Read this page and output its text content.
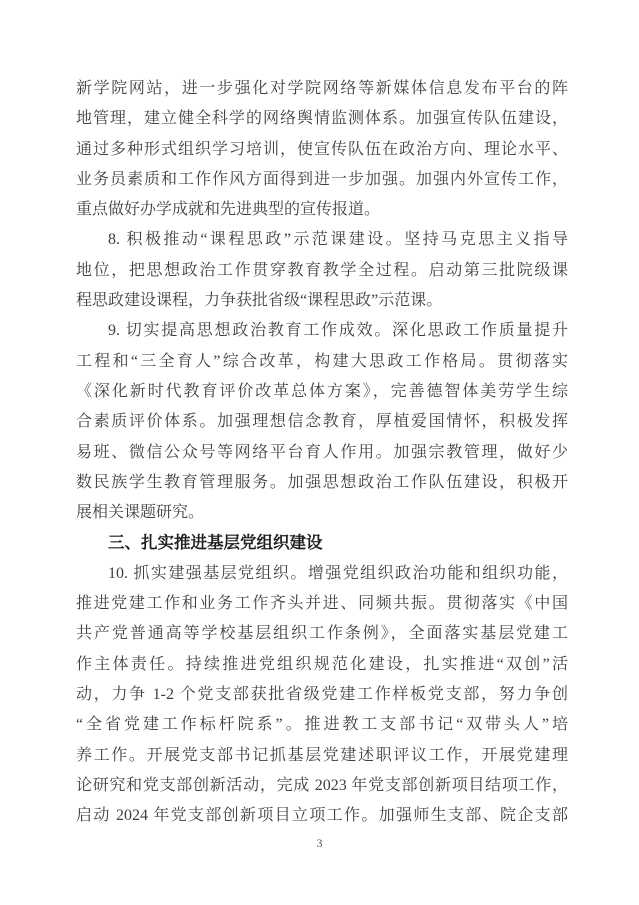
新学院网站，进一步强化对学院网络等新媒体信息发布平台的阵
地管理，建立健全科学的网络舆情监测体系。加强宣传队伍建设，
通过多种形式组织学习培训，使宣传队伍在政治方向、理论水平、
业务员素质和工作作风方面得到进一步加强。加强内外宣传工作，
重点做好办学成就和先进典型的宣传报道。
8. 积极推动“课程思政”示范课建设。坚持马克思主义指导
地位，把思想政治工作贯穿教育教学全过程。启动第三批院级课
程思政建设课程，力争获批省级“课程思政”示范课。
9. 切实提高思想政治教育工作成效。深化思政工作质量提升
工程和“三全育人”综合改革，构建大思政工作格局。贯彻落实
《深化新时代教育评价改革总体方案》，完善德智体美劳学生综
合素质评价体系。加强理想信念教育，厚植爱国情怀，积极发挥
易班、微信公众号等网络平台育人作用。加强宗教管理，做好少
数民族学生教育管理服务。加强思想政治工作队伍建设，积极开
展相关课题研究。
三、扎实推进基层党组织建设
10. 抓实建强基层党组织。增强党组织政治功能和组织功能，
推进党建工作和业务工作齐头并进、同频共振。贯彻落实《中国
共产党普通高等学校基层组织工作条例》，全面落实基层党建工
作主体责任。持续推进党组织规范化建设，扎实推进“双创”活
动，力争 1-2 个党支部获批省级党建工作样板党支部，努力争创
“全省党建工作标杆院系”。推进教工支部书记“双带头人”培
养工作。开展党支部书记抓基层党建述职评议工作，开展党建理
论研究和党支部创新活动，完成 2023 年党支部创新项目结项工作，
启动 2024 年党支部创新项目立项工作。加强师生支部、院企支部
3
